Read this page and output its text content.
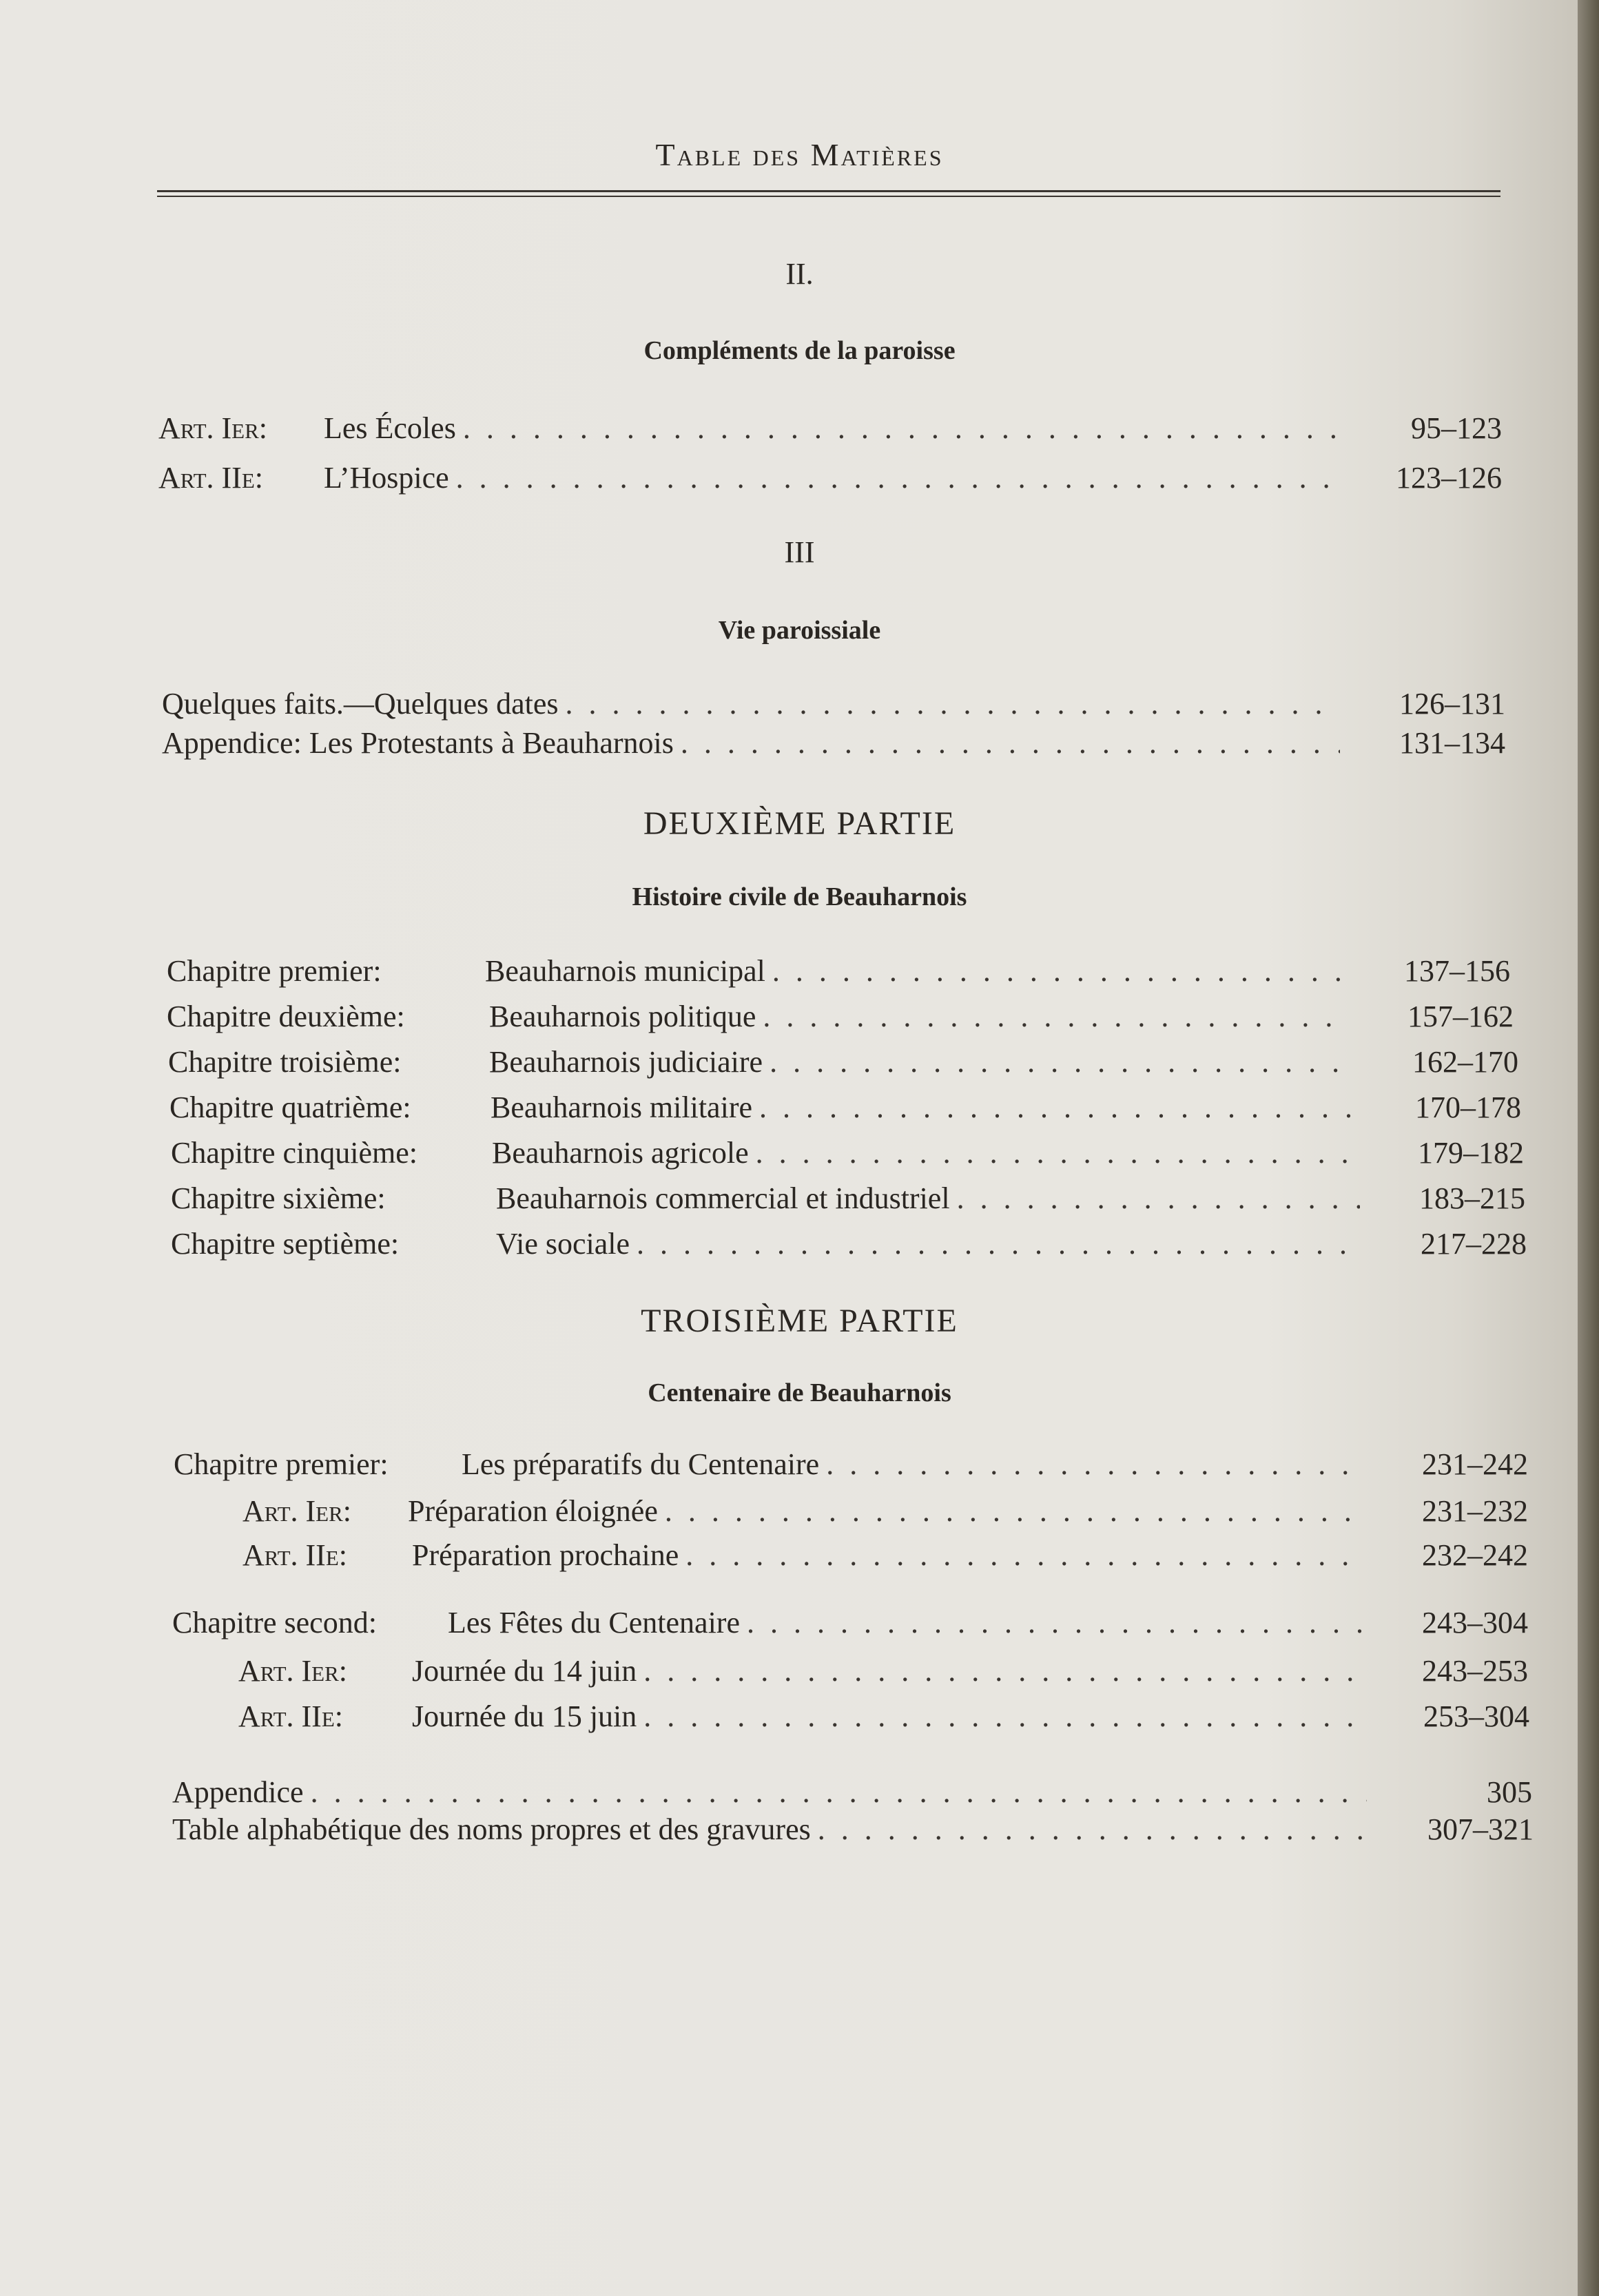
Table des Matières
II.
Compléments de la paroisse
Art. Ier:	Les Écoles . . .	95–123
Art. IIe:	L’Hospice . . .	123–126
III
Vie paroissiale
Quelques faits.—Quelques dates . . .	126–131
Appendice: Les Protestants à Beauharnois . . .	131–134
DEUXIÈME PARTIE
Histoire civile de Beauharnois
Chapitre premier:	Beauharnois municipal . . .	137–156
Chapitre deuxième:	Beauharnois politique . . .	157–162
Chapitre troisième:	Beauharnois judiciaire . . .	162–170
Chapitre quatrième:	Beauharnois militaire . . .	170–178
Chapitre cinquième:	Beauharnois agricole . . .	179–182
Chapitre sixième:	Beauharnois commercial et industriel . . .	183–215
Chapitre septième:	Vie sociale . . .	217–228
TROISIÈME PARTIE
Centenaire de Beauharnois
Chapitre premier:	Les préparatifs du Centenaire . . .	231–242
Art. Ier:	Préparation éloignée . . .	231–232
Art. IIe:	Préparation prochaine . . .	232–242
Chapitre second:	Les Fêtes du Centenaire . . .	243–304
Art. Ier:	Journée du 14 juin . . .	243–253
Art. IIe:	Journée du 15 juin . . .	253–304
Appendice . . .	305
Table alphabétique des noms propres et des gravures . . .	307–321
